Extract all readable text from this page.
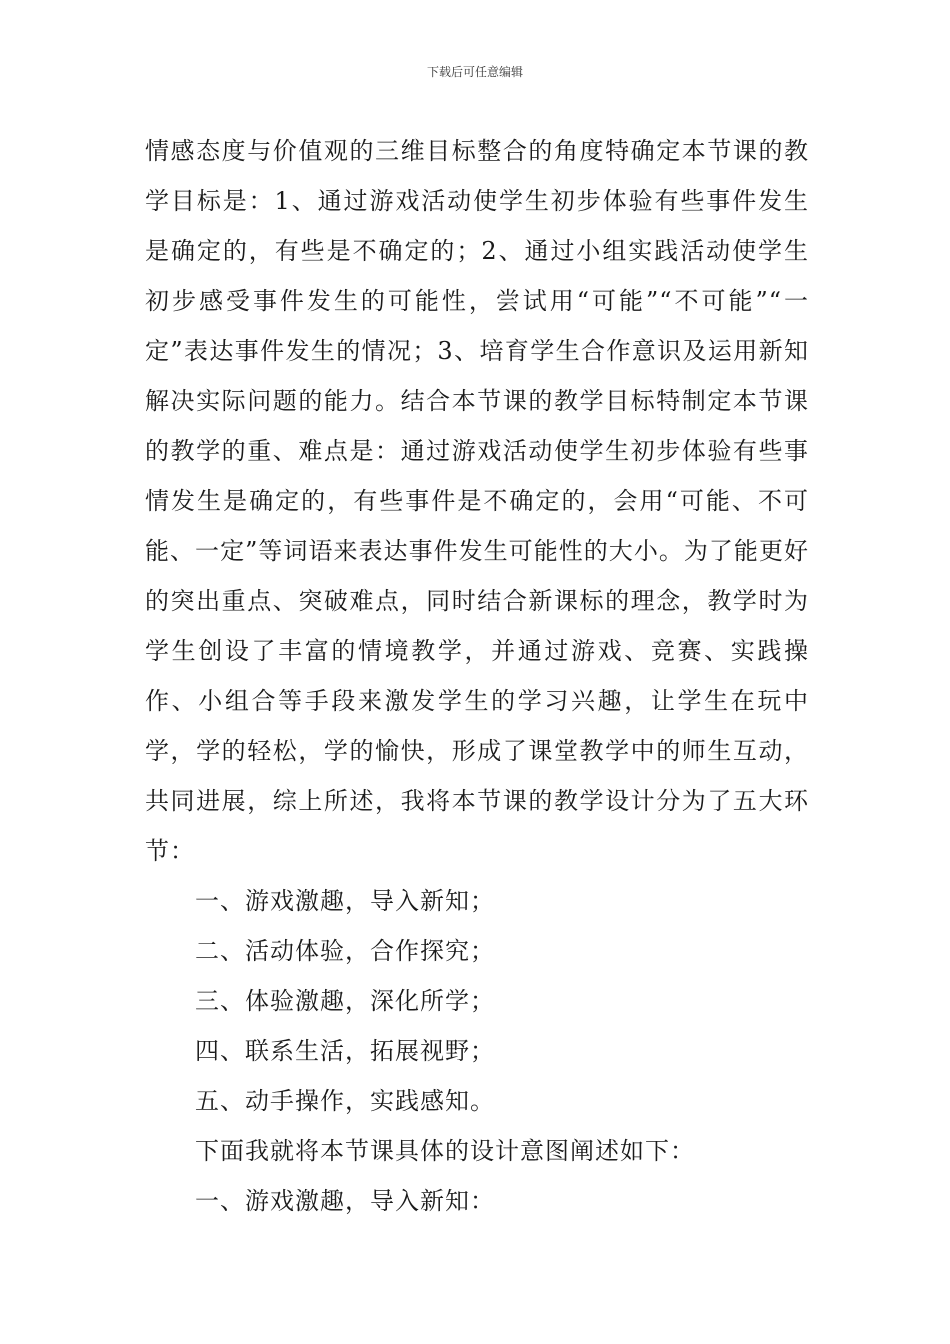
下载后可任意编辑

情感态度与价值观的三维目标整合的角度特确定本节课的教学目标是：1、通过游戏活动使学生初步体验有些事件发生是确定的，有些是不确定的；2、通过小组实践活动使学生初步感受事件发生的可能性，尝试用“可能”“不可能”“一定”表达事件发生的情况；3、培育学生合作意识及运用新知解决实际问题的能力。结合本节课的教学目标特制定本节课的教学的重、难点是：通过游戏活动使学生初步体验有些事情发生是确定的，有些事件是不确定的，会用“可能、不可能、一定”等词语来表达事件发生可能性的大小。为了能更好的突出重点、突破难点，同时结合新课标的理念，教学时为学生创设了丰富的情境教学，并通过游戏、竞赛、实践操作、小组合等手段来激发学生的学习兴趣，让学生在玩中学，学的轻松，学的愉快，形成了课堂教学中的师生互动，共同进展，综上所述，我将本节课的教学设计分为了五大环节：

一、游戏激趣，导入新知；

二、活动体验，合作探究；

三、体验激趣，深化所学；

四、联系生活，拓展视野；

五、动手操作，实践感知。

下面我就将本节课具体的设计意图阐述如下：

一、游戏激趣，导入新知：
